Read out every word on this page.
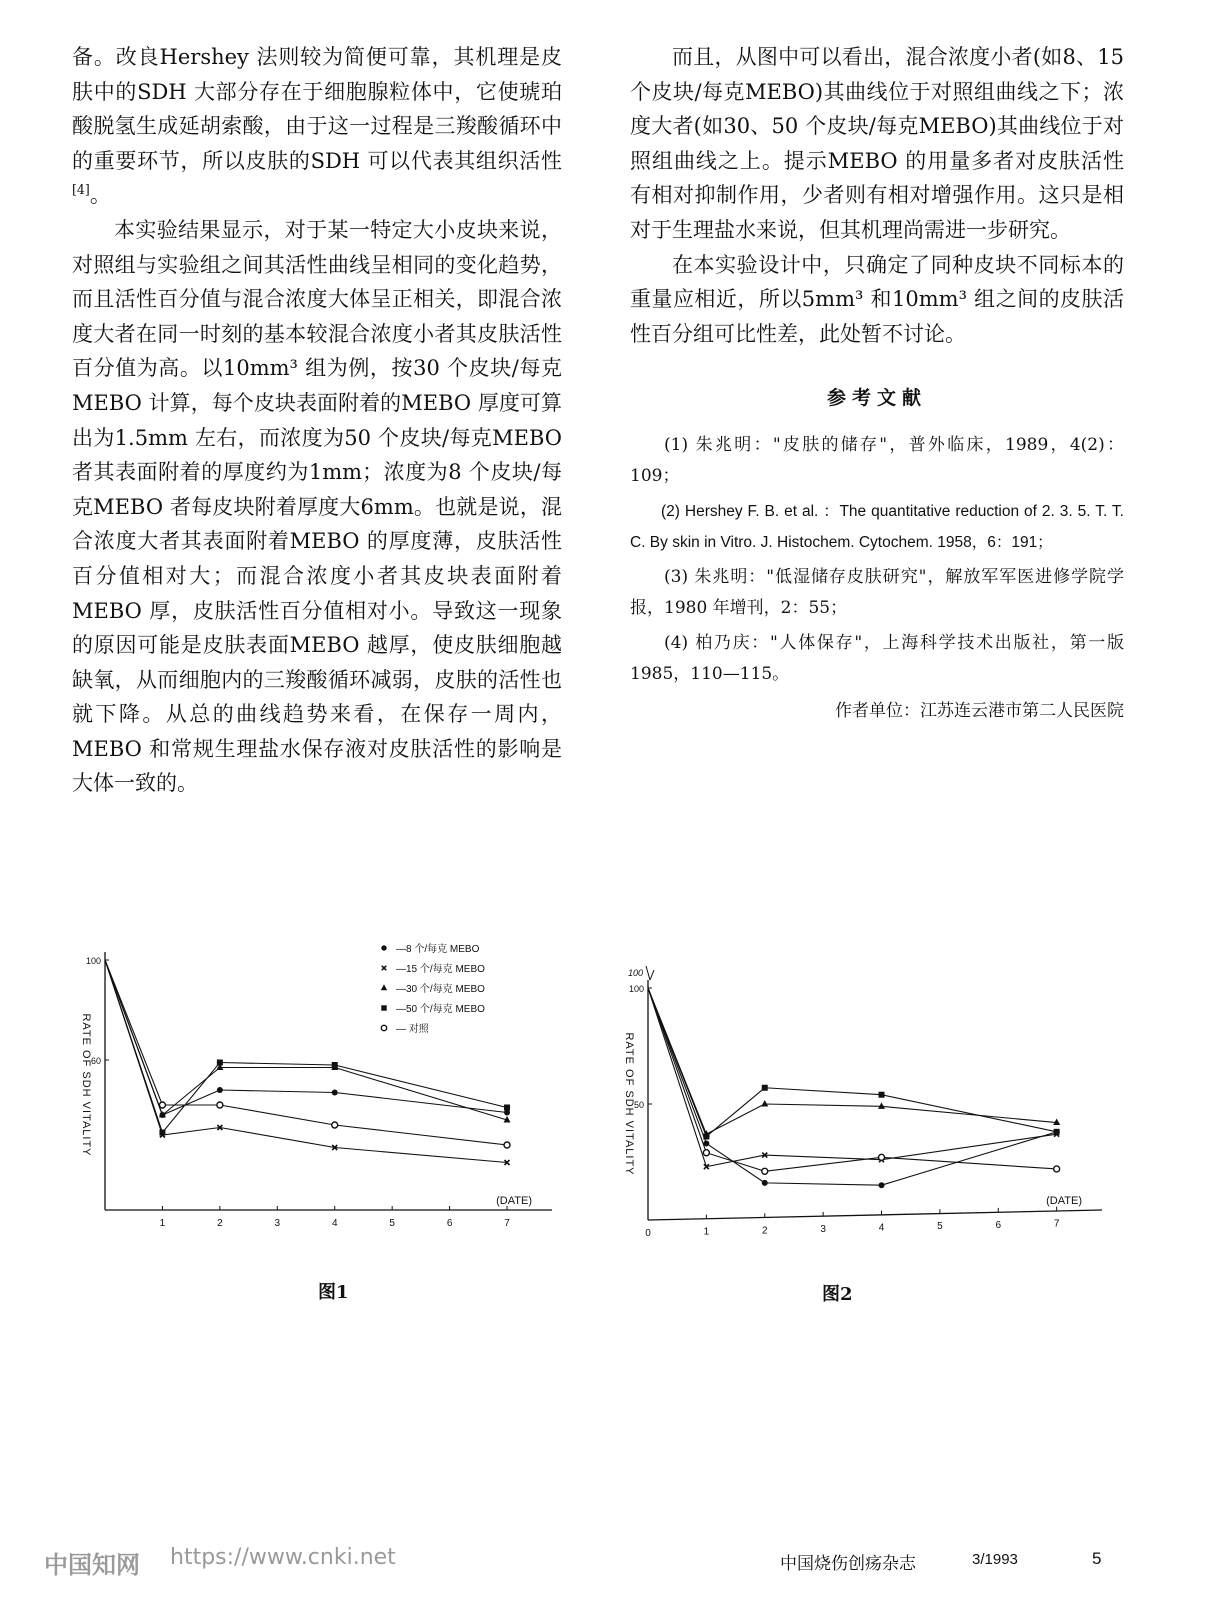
备。改良Hershey 法则较为简便可靠，其机理是皮肤中的SDH 大部分存在于细胞腺粒体中，它使琥珀酸脱氢生成延胡索酸，由于这一过程是三羧酸循环中的重要环节，所以皮肤的SDH 可以代表其组织活性[4]。

本实验结果显示，对于某一特定大小皮块来说，对照组与实验组之间其活性曲线呈相同的变化趋势，而且活性百分值与混合浓度大体呈正相关，即混合浓度大者在同一时刻的基本较混合浓度小者其皮肤活性百分值为高。以10mm³ 组为例，按30 个皮块/每克MEBO 计算，每个皮块表面附着的MEBO 厚度可算出为1.5mm 左右，而浓度为50 个皮块/每克MEBO 者其表面附着的厚度约为1mm；浓度为8 个皮块/每克MEBO 者每皮块附着厚度大6mm。也就是说，混合浓度大者其表面附着MEBO 的厚度薄，皮肤活性百分值相对大；而混合浓度小者其皮块表面附着MEBO 厚，皮肤活性百分值相对小。导致这一现象的原因可能是皮肤表面MEBO 越厚，使皮肤细胞越缺氧，从而细胞内的三羧酸循环减弱，皮肤的活性也就下降。从总的曲线趋势来看，在保存一周内，MEBO 和常规生理盐水保存液对皮肤活性的影响是大体一致的。

而且，从图中可以看出，混合浓度小者(如8、15 个皮块/每克MEBO)其曲线位于对照组曲线之下；浓度大者(如30、50 个皮块/每克MEBO)其曲线位于对照组曲线之上。提示MEBO 的用量多者对皮肤活性有相对抑制作用，少者则有相对增强作用。这只是相对于生理盐水来说，但其机理尚需进一步研究。

在本实验设计中，只确定了同种皮块不同标本的重量应相近，所以5mm³ 和10mm³ 组之间的皮肤活性百分组可比性差，此处暂不讨论。

参考文献

(1) 朱兆明："皮肤的储存"，普外临床，1989，4(2)：109；

(2) Hershey F. B. et al. ：The quantitative reduction of 2. 3. 5. T. T. C. By skin in Vitro. J. Histochem. Cytochem. 1958，6：191；

(3) 朱兆明："低湿储存皮肤研究"，解放军军医进修学院学报，1980 年增刊，2：55；

(4) 柏乃庆："人体保存"，上海科学技术出版社，第一版 1985，110—115。

作者单位：江苏连云港市第二人民医院

1	2	3	4	5	6	7
100
60
RATE OF SDH VITALITY
(DATE)
—8 个/每克 MEBO
—15 个/每克 MEBO
—30 个/每克 MEBO
—50 个/每克 MEBO
— 对照
图1
0	1	2	3	4	5	6	7
100
50
RATE OF SDH VITALITY
(DATE)
100
图2
中国知网 https://www.cnki.net	中国烧伤创疡杂志	3/1993	5
